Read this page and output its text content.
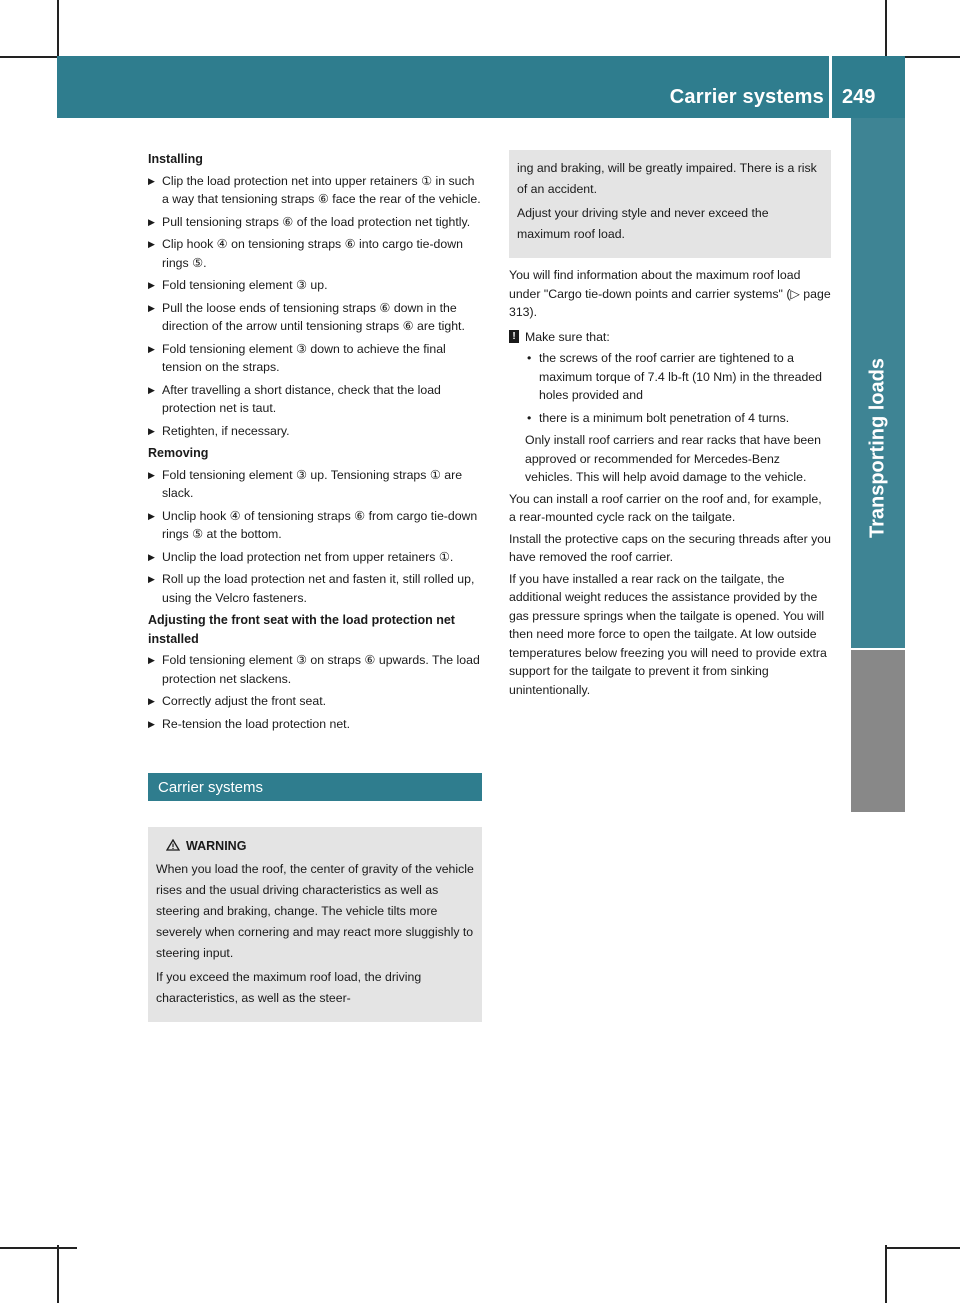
Carrier systems 249
Transporting loads
Installing
▶ Clip the load protection net into upper retainers ① in such a way that tensioning straps ⑥ face the rear of the vehicle.
▶ Pull tensioning straps ⑥ of the load protection net tightly.
▶ Clip hook ④ on tensioning straps ⑥ into cargo tie-down rings ⑤.
▶ Fold tensioning element ③ up.
▶ Pull the loose ends of tensioning straps ⑥ down in the direction of the arrow until tensioning straps ⑥ are tight.
▶ Fold tensioning element ③ down to achieve the final tension on the straps.
▶ After travelling a short distance, check that the load protection net is taut.
▶ Retighten, if necessary.
Removing
▶ Fold tensioning element ③ up. Tensioning straps ① are slack.
▶ Unclip hook ④ of tensioning straps ⑥ from cargo tie-down rings ⑤ at the bottom.
▶ Unclip the load protection net from upper retainers ①.
▶ Roll up the load protection net and fasten it, still rolled up, using the Velcro fasteners.
Adjusting the front seat with the load protection net installed
▶ Fold tensioning element ③ on straps ⑥ upwards. The load protection net slackens.
▶ Correctly adjust the front seat.
▶ Re-tension the load protection net.
Carrier systems
WARNING
When you load the roof, the center of gravity of the vehicle rises and the usual driving characteristics as well as steering and braking, change. The vehicle tilts more severely when cornering and may react more sluggishly to steering input.
If you exceed the maximum roof load, the driving characteristics, as well as the steer-
ing and braking, will be greatly impaired. There is a risk of an accident.
Adjust your driving style and never exceed the maximum roof load.
You will find information about the maximum roof load under "Cargo tie-down points and carrier systems" (▷ page 313).
! Make sure that:
• the screws of the roof carrier are tightened to a maximum torque of 7.4 lb-ft (10 Nm) in the threaded holes provided and
• there is a minimum bolt penetration of 4 turns.
Only install roof carriers and rear racks that have been approved or recommended for Mercedes-Benz vehicles. This will help avoid damage to the vehicle.
You can install a roof carrier on the roof and, for example, a rear-mounted cycle rack on the tailgate.
Install the protective caps on the securing threads after you have removed the roof carrier.
If you have installed a rear rack on the tailgate, the additional weight reduces the assistance provided by the gas pressure springs when the tailgate is opened. You will then need more force to open the tailgate. At low outside temperatures below freezing you will need to provide extra support for the tailgate to prevent it from sinking unintentionally.
